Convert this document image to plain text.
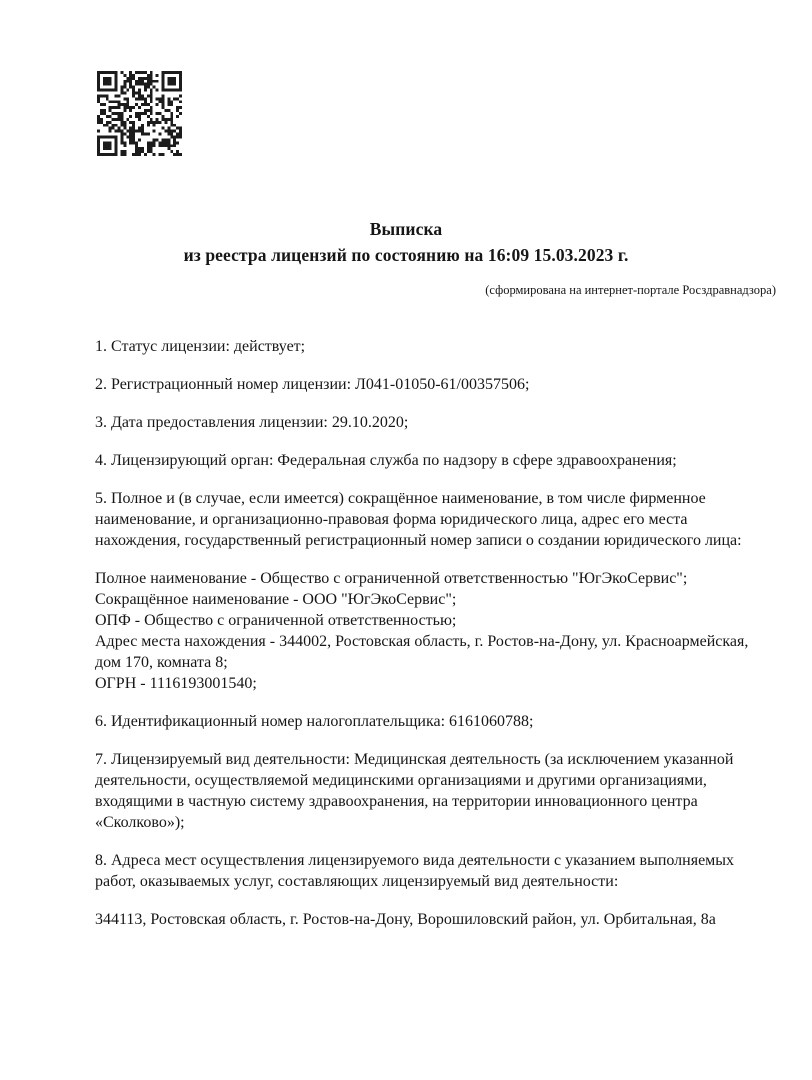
Выписка
из реестра лицензий по состоянию на 16:09 15.03.2023 г.
(сформирована на интернет-портале Росздравнадзора)

1. Статус лицензии: действует;

2. Регистрационный номер лицензии: Л041-01050-61/00357506;

3. Дата предоставления лицензии: 29.10.2020;

4. Лицензирующий орган: Федеральная служба по надзору в сфере здравоохранения;

5. Полное и (в случае, если имеется) сокращённое наименование, в том числе фирменное наименование, и организационно-правовая форма юридического лица, адрес его места нахождения, государственный регистрационный номер записи о создании юридического лица:

Полное наименование - Общество с ограниченной ответственностью "ЮгЭкоСервис";
Сокращённое наименование - ООО "ЮгЭкоСервис";
ОПФ - Общество с ограниченной ответственностью;
Адрес места нахождения - 344002, Ростовская область, г. Ростов-на-Дону, ул. Красноармейская, дом 170, комната 8;
ОГРН - 1116193001540;

6. Идентификационный номер налогоплательщика: 6161060788;

7. Лицензируемый вид деятельности: Медицинская деятельность (за исключением указанной деятельности, осуществляемой медицинскими организациями и другими организациями, входящими в частную систему здравоохранения, на территории инновационного центра «Сколково»);

8. Адреса мест осуществления лицензируемого вида деятельности с указанием выполняемых работ, оказываемых услуг, составляющих лицензируемый вид деятельности:

344113, Ростовская область, г. Ростов-на-Дону, Ворошиловский район, ул. Орбитальная, 8а
